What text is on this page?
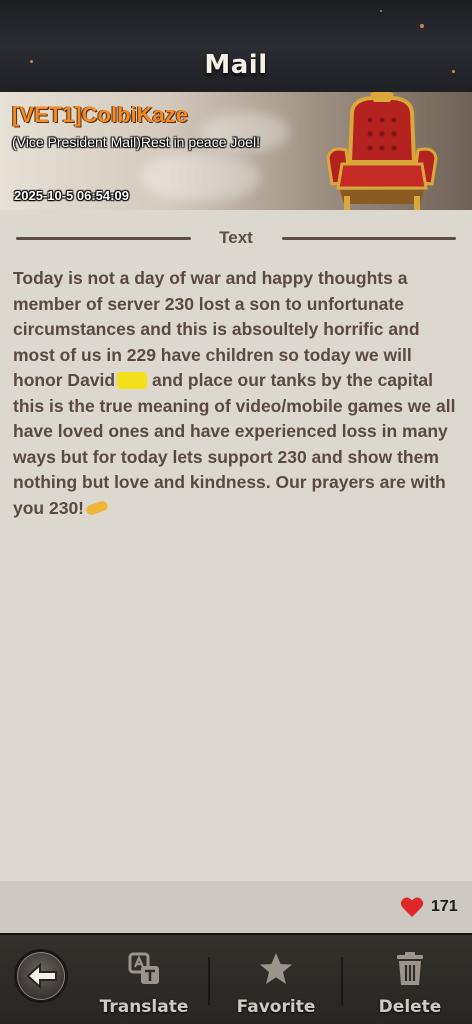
Mail
[VET1]ColbiKaze
(Vice President Mail)Rest in peace Joel!
2025-10-5 06:54:09
Text
Today is not a day of war and happy thoughts a member of server 230 lost a son to unfortunate circumstances and this is absoultely horrific and most of us in 229 have children so today we will honor David and place our tanks by the capital this is the true meaning of video/mobile games we all have loved ones and have experienced loss in many ways but for today lets support 230 and show them nothing but love and kindness. Our prayers are with you 230!
171
Translate	Favorite	Delete
